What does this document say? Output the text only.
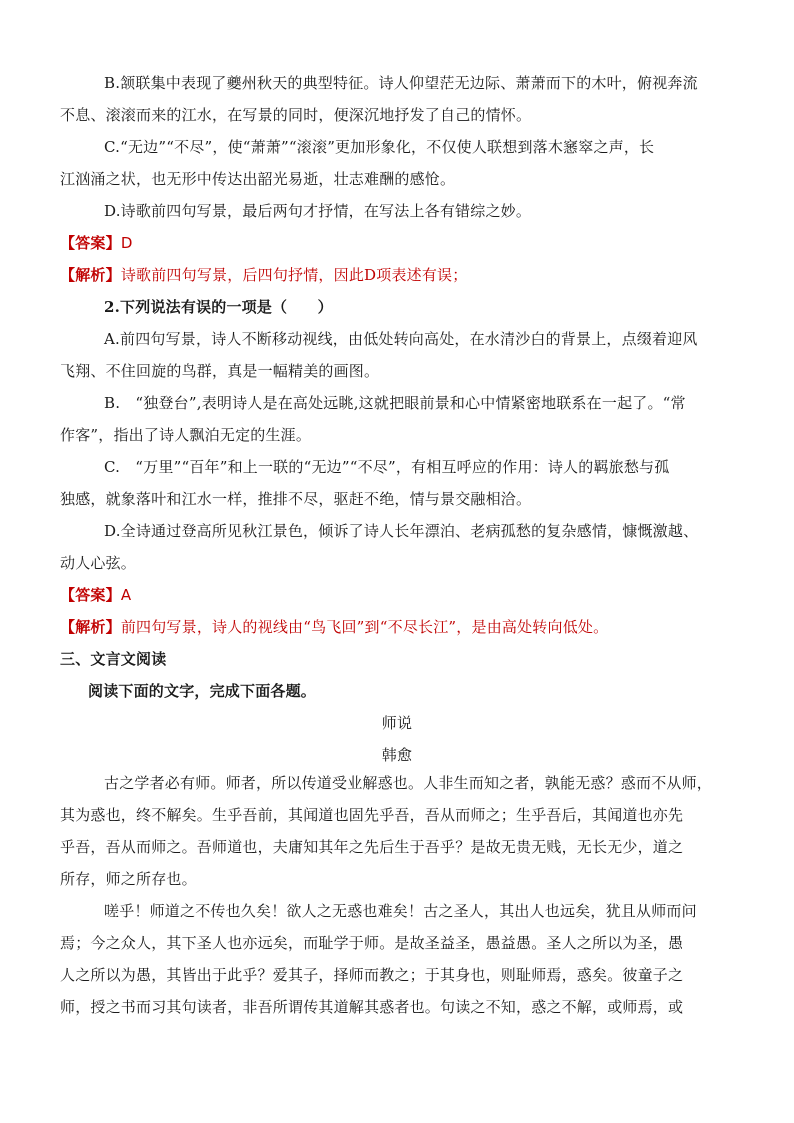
B.颔联集中表现了夔州秋天的典型特征。诗人仰望茫无边际、萧萧而下的木叶，俯视奔流
不息、滚滚而来的江水，在写景的同时，便深沉地抒发了自己的情怀。
C.“无边”“不尽”，使“萧萧”“滚滚”更加形象化，不仅使人联想到落木窸窣之声，长
江汹涌之状，也无形中传达出韶光易逝，壮志难酬的感怆。
D.诗歌前四句写景，最后两句才抒情，在写法上各有错综之妙。
【答案】D
【解析】诗歌前四句写景，后四句抒情，因此D项表述有误；
2.下列说法有误的一项是（　　）
A.前四句写景，诗人不断移动视线，由低处转向高处，在水清沙白的背景上，点缀着迎风
飞翔、不住回旋的鸟群，真是一幅精美的画图。
B.　“独登台”,表明诗人是在高处远眺,这就把眼前景和心中情紧密地联系在一起了。“常
作客”，指出了诗人飘泊无定的生涯。
C.　“万里”“百年”和上一联的“无边”“不尽”，有相互呼应的作用：诗人的羁旅愁与孤
独感，就象落叶和江水一样，推排不尽，驱赶不绝，情与景交融相洽。
D.全诗通过登高所见秋江景色，倾诉了诗人长年漂泊、老病孤愁的复杂感情，慷慨激越、
动人心弦。
【答案】A
【解析】前四句写景，诗人的视线由“鸟飞回”到“不尽长江”，是由高处转向低处。
三、文言文阅读
阅读下面的文字，完成下面各题。
师说
韩愈
古之学者必有师。师者，所以传道受业解惑也。人非生而知之者，孰能无惑？惑而不从师，
其为惑也，终不解矣。生乎吾前，其闻道也固先乎吾，吾从而师之；生乎吾后，其闻道也亦先
乎吾，吾从而师之。吾师道也，夫庸知其年之先后生于吾乎？是故无贵无贱，无长无少，道之
所存，师之所存也。
嗟乎！师道之不传也久矣！欲人之无惑也难矣！古之圣人，其出人也远矣，犹且从师而问
焉；今之众人，其下圣人也亦远矣，而耻学于师。是故圣益圣，愚益愚。圣人之所以为圣，愚
人之所以为愚，其皆出于此乎？爱其子，择师而教之；于其身也，则耻师焉，惑矣。彼童子之
师，授之书而习其句读者，非吾所谓传其道解其惑者也。句读之不知，惑之不解，或师焉，或
